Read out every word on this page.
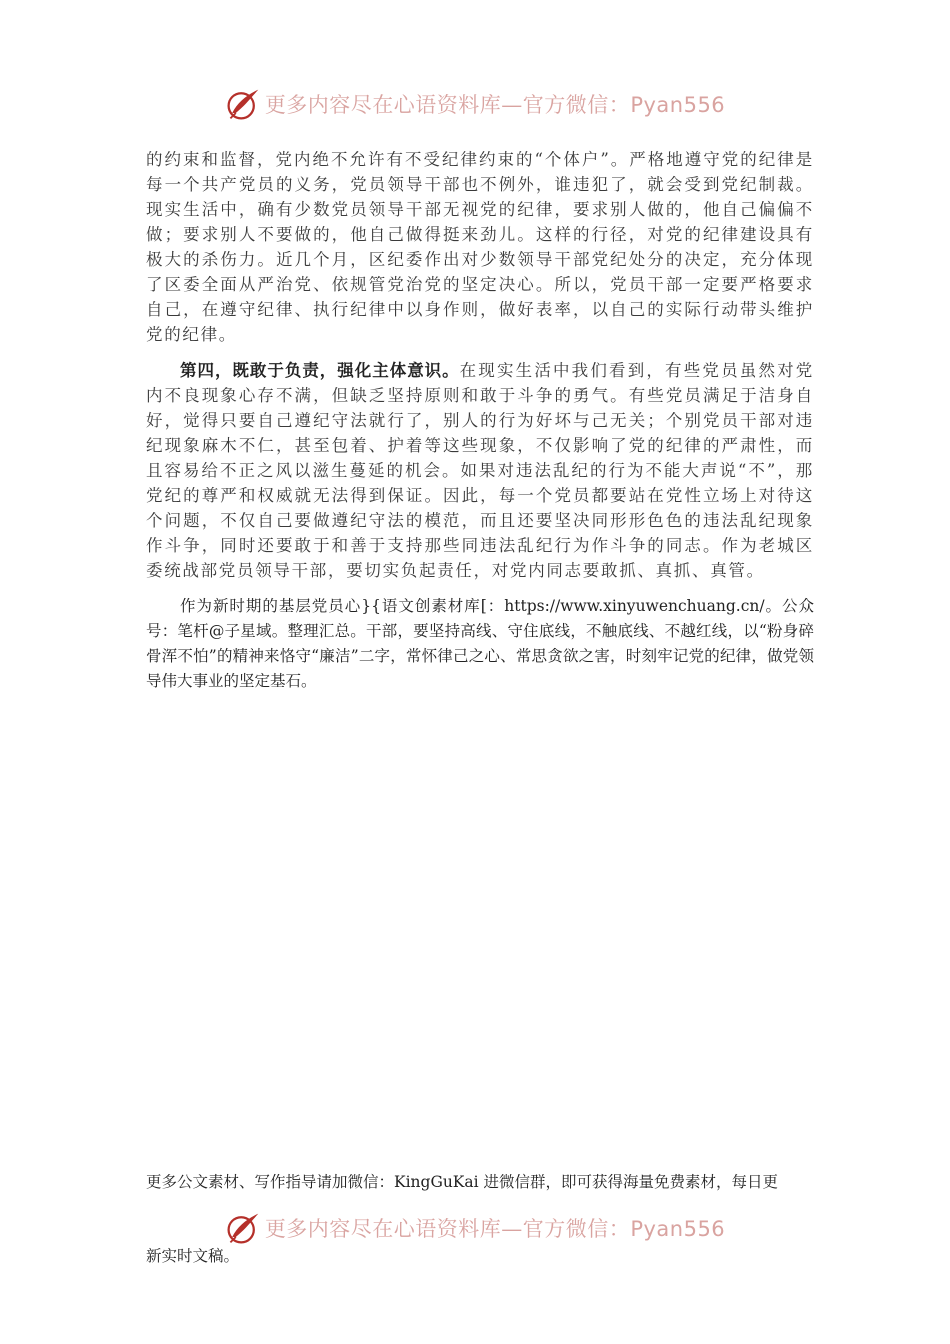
更多内容尽在心语资料库—官方微信：Pyan556

的约束和监督，党内绝不允许有不受纪律约束的“个体户”。严格地遵守党的纪律是每一个共产党员的义务，党员领导干部也不例外，谁违犯了，就会受到党纪制裁。现实生活中，确有少数党员领导干部无视党的纪律，要求别人做的，他自己偏偏不做；要求别人不要做的，他自己做得挺来劲儿。这样的行径，对党的纪律建设具有极大的杀伤力。近几个月，区纪委作出对少数领导干部党纪处分的决定，充分体现了区委全面从严治党、依规管党治党的坚定决心。所以，党员干部一定要严格要求自己，在遵守纪律、执行纪律中以身作则，做好表率，以自己的实际行动带头维护党的纪律。

第四，既敢于负责，强化主体意识。在现实生活中我们看到，有些党员虽然对党内不良现象心存不满，但缺乏坚持原则和敢于斗争的勇气。有些党员满足于洁身自好，觉得只要自己遵纪守法就行了，别人的行为好坏与己无关；个别党员干部对违纪现象麻木不仁，甚至包着、护着等这些现象，不仅影响了党的纪律的严肃性，而且容易给不正之风以滋生蔓延的机会。如果对违法乱纪的行为不能大声说“不”，那党纪的尊严和权威就无法得到保证。因此，每一个党员都要站在党性立场上对待这个问题，不仅自己要做遵纪守法的模范，而且还要坚决同形形色色的违法乱纪现象作斗争，同时还要敢于和善于支持那些同违法乱纪行为作斗争的同志。作为老城区委统战部党员领导干部，要切实负起责任，对党内同志要敢抓、真抓、真管。

作为新时期的基层党员心}{语文创素材库[：https://www.xinyuwenchuang.cn/。公众号：笔杆@子星域。整理汇总。干部，要坚持高线、守住底线，不触底线、不越红线，以“粉身碎骨浑不怕”的精神来恪守“廉洁”二字，常怀律己之心、常思贪欲之害，时刻牢记党的纪律，做党领导伟大事业的坚定基石。

更多公文素材、写作指导请加微信：KingGuKai 进微信群，即可获得海量免费素材，每日更
更多内容尽在心语资料库—官方微信：Pyan556
新实时文稿。
